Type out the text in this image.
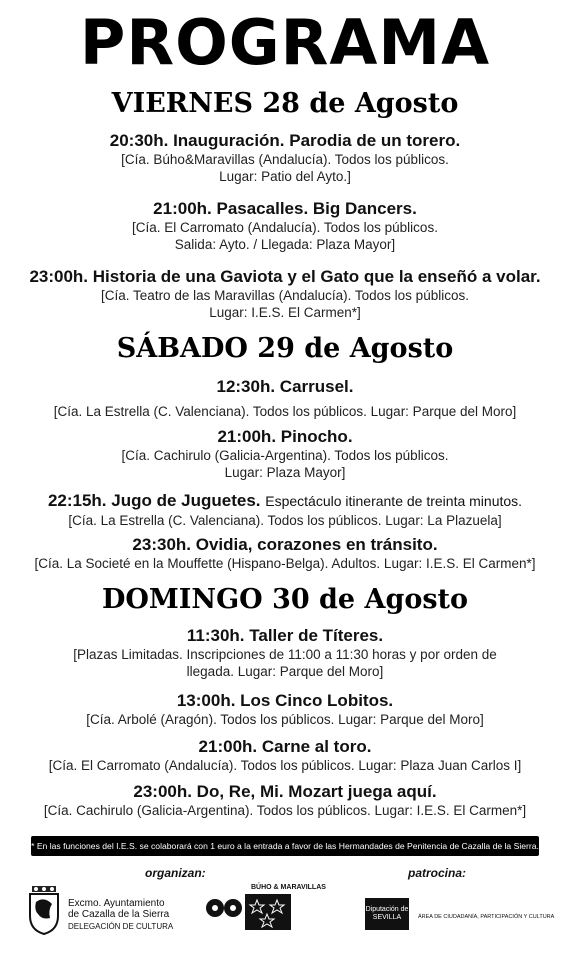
PROGRAMA
VIERNES 28 de Agosto
20:30h. Inauguración. Parodia de un torero.
[Cía. Búho&Maravillas (Andalucía). Todos los públicos.
Lugar: Patio del Ayto.]
21:00h. Pasacalles. Big Dancers.
[Cía. El Carromato (Andalucía). Todos los públicos.
Salida: Ayto. / Llegada: Plaza Mayor]
23:00h. Historia de una Gaviota y el Gato que la enseñó a volar.
[Cía. Teatro de las Maravillas (Andalucía). Todos los públicos.
Lugar: I.E.S. El Carmen*]
SÁBADO 29 de Agosto
12:30h. Carrusel.
[Cía. La Estrella (C. Valenciana). Todos los públicos. Lugar: Parque del Moro]
21:00h. Pinocho.
[Cía. Cachirulo (Galicia-Argentina). Todos los públicos.
Lugar: Plaza Mayor]
22:15h. Jugo de Juguetes. Espectáculo itinerante de treinta minutos.
[Cía. La Estrella (C. Valenciana). Todos los públicos. Lugar: La Plazuela]
23:30h. Ovidia, corazones en tránsito.
[Cía. La Societé en la Mouffette (Hispano-Belga). Adultos. Lugar: I.E.S. El Carmen*]
DOMINGO 30 de Agosto
11:30h. Taller de Títeres.
[Plazas Limitadas. Inscripciones de 11:00 a 11:30 horas y por orden de
llegada. Lugar: Parque del Moro]
13:00h. Los Cinco Lobitos.
[Cía. Arbolé (Aragón). Todos los públicos. Lugar: Parque del Moro]
21:00h. Carne al toro.
[Cía. El Carromato (Andalucía). Todos los públicos. Lugar: Plaza Juan Carlos I]
23:00h. Do, Re, Mi. Mozart juega aquí.
[Cía. Cachirulo (Galicia-Argentina). Todos los públicos. Lugar: I.E.S. El Carmen*]
* En las funciones del I.E.S. se colaborará con 1 euro a la entrada a favor de las Hermandades de Penitencia de Cazalla de la Sierra.
organizan:	patrocina:
Excmo. Ayuntamiento
de Cazalla de la Sierra
DELEGACIÓN DE CULTURA
BÚHO & MARAVILLAS
Diputación de SEVILLA	ÁREA DE CIUDADANÍA, PARTICIPACIÓN Y CULTURA
